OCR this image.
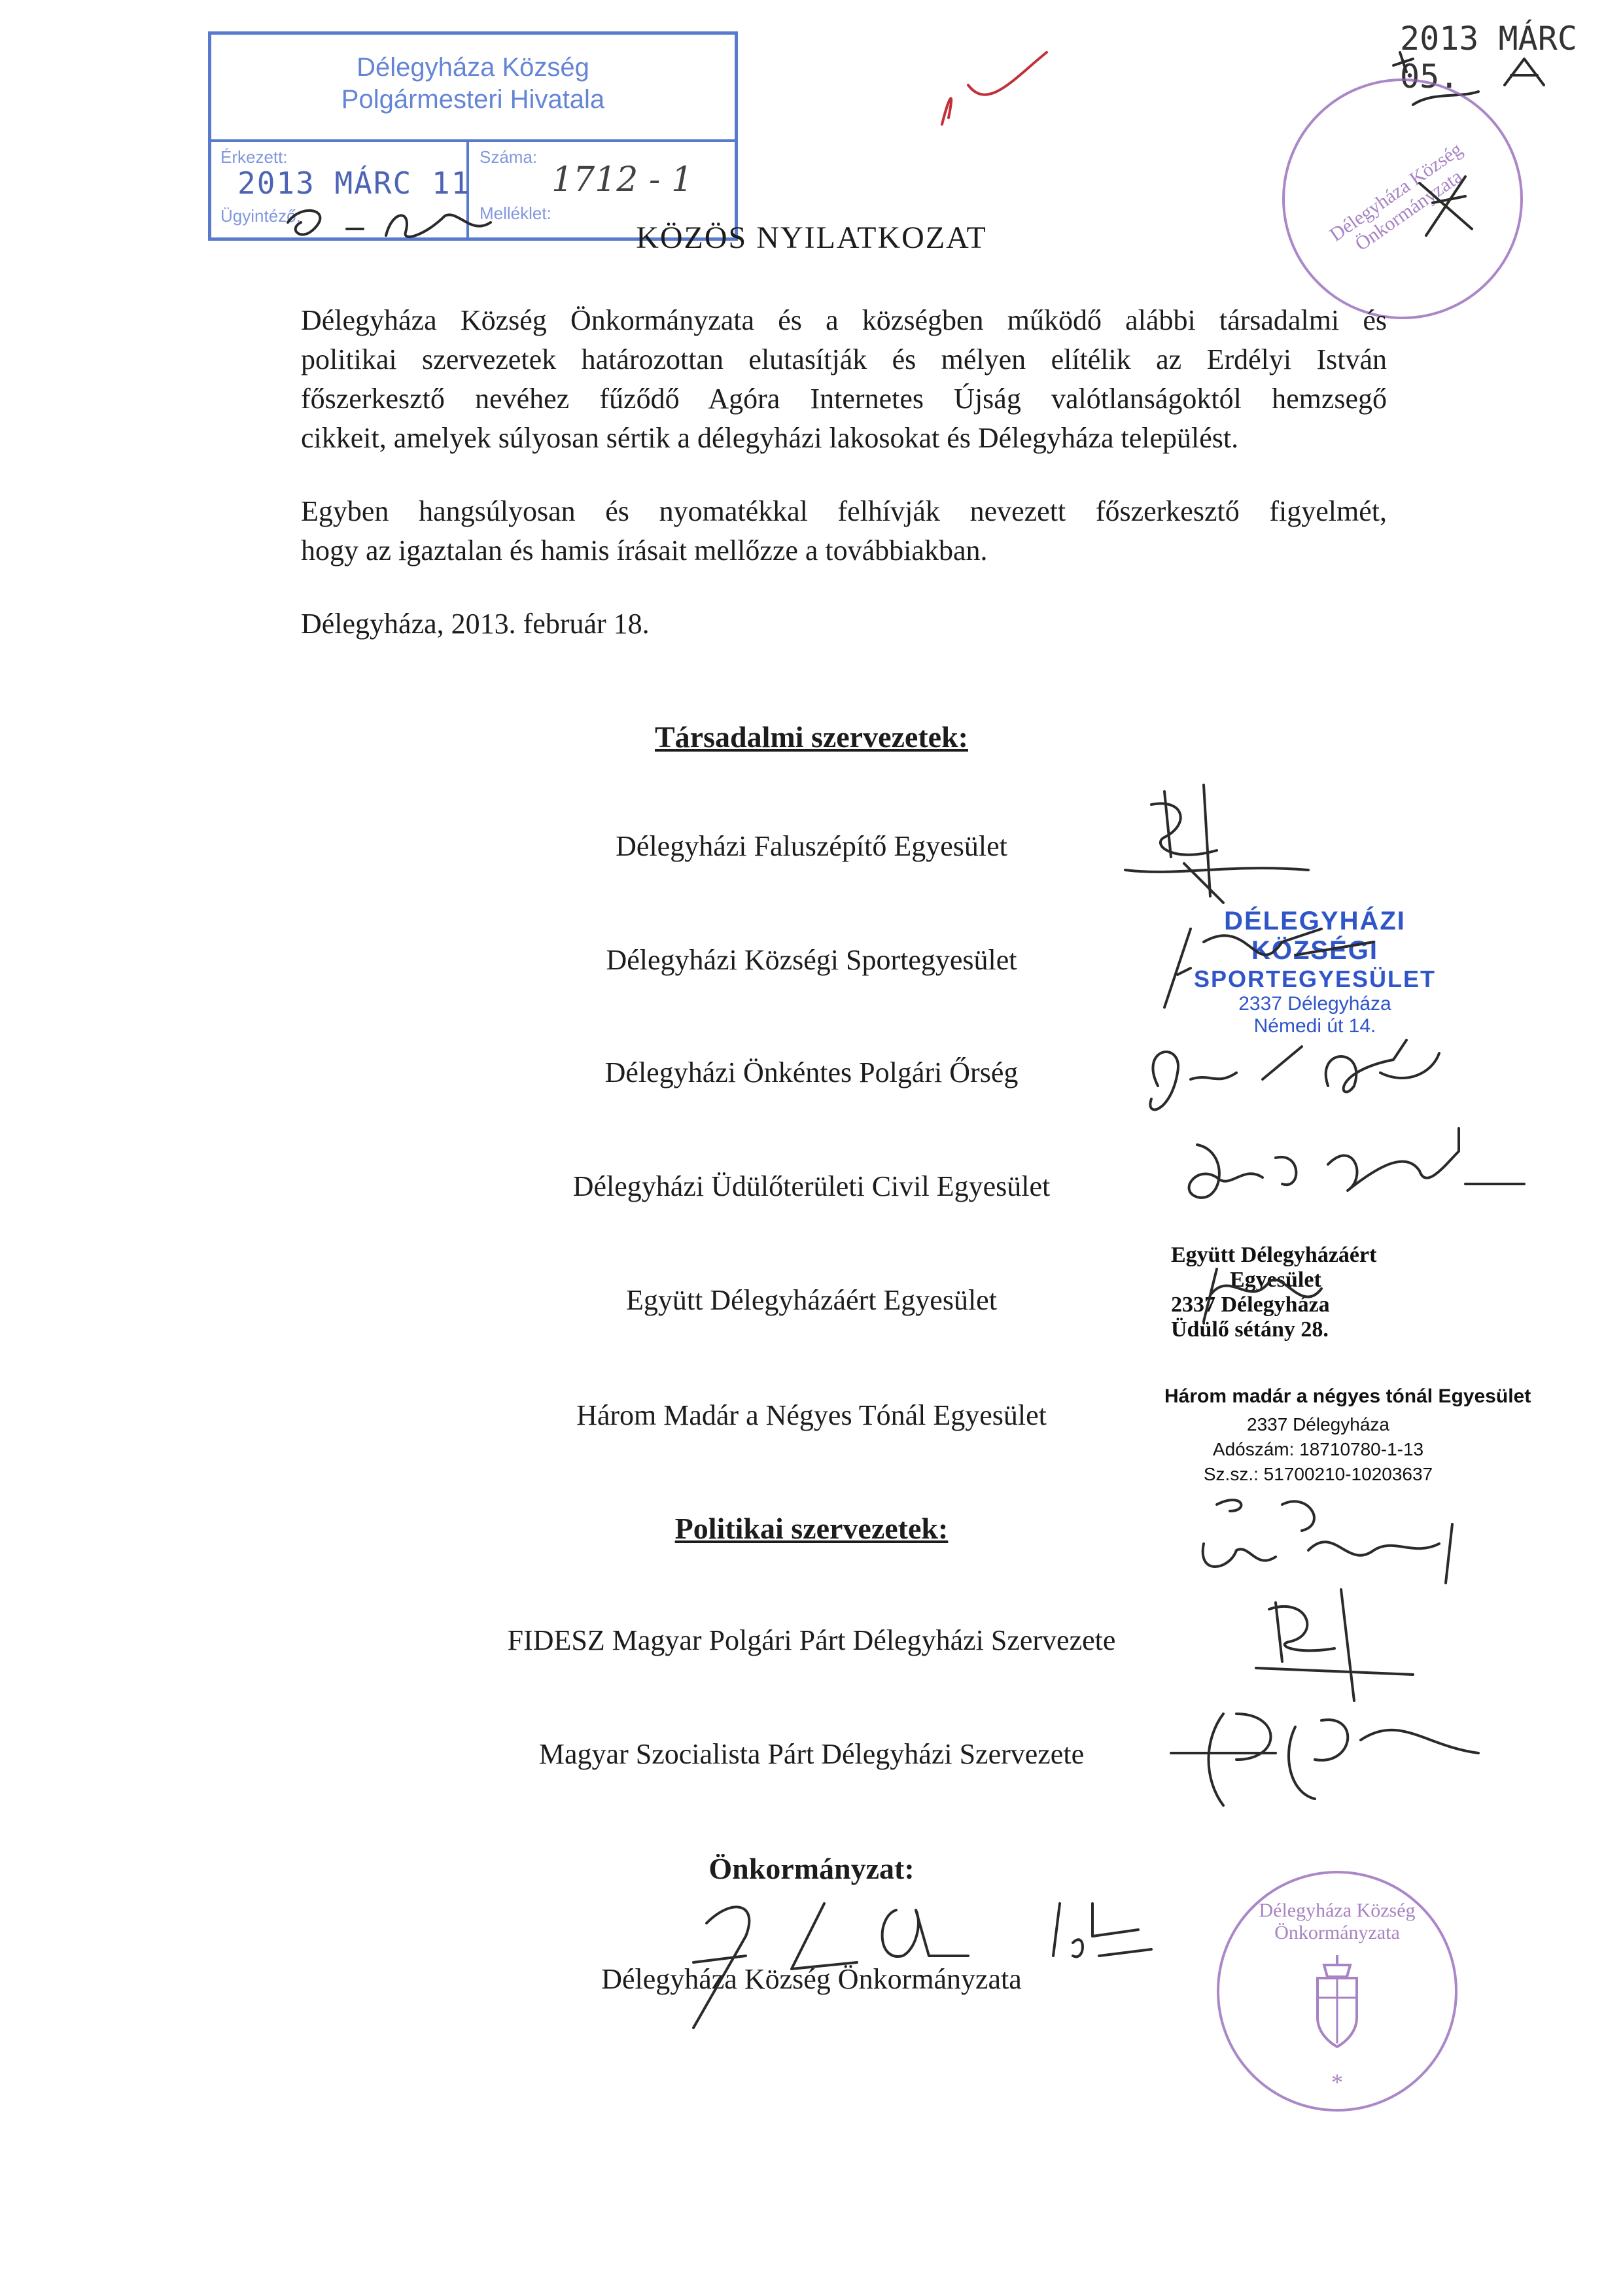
Délegyháza Község
Polgármesteri Hivatala
Érkezett:
Ügyintéző:
Száma:
Melléklet:
2013 MÁRC 11 1712 - 1
2013 MÁRC 05.
Délegyháza Község Önkormányzata
KÖZÖS NYILATKOZAT
Délegyháza Község Önkormányzata és a községben működő alábbi társadalmi és
politikai szervezetek határozottan elutasítják és mélyen elítélik az Erdélyi István
főszerkesztő nevéhez fűződő Agóra Internetes Újság valótlanságoktól hemzsegő
cikkeit, amelyek súlyosan sértik a délegyházi lakosokat és Délegyháza települést.
Egyben hangsúlyosan és nyomatékkal felhívják nevezett főszerkesztő figyelmét,
hogy az igaztalan és hamis írásait mellőzze a továbbiakban.
Délegyháza, 2013. február 18.
Társadalmi szervezetek:
Délegyházi Faluszépítő Egyesület
Délegyházi Községi Sportegyesület
Délegyházi Önkéntes Polgári Őrség
Délegyházi Üdülőterületi Civil Egyesület
Együtt Délegyházáért Egyesület
Három Madár a Négyes Tónál Egyesület
DÉLEGYHÁZI KÖZSÉGI
SPORTEGYESÜLET
2337 Délegyháza
Némedi út 14.
Együtt Délegyházáért
Egyesület
2337 Délegyháza
Üdülő sétány 28.
Három madár a négyes tónál Egyesület
2337 Délegyháza
Adószám: 18710780-1-13
Sz.sz.: 51700210-10203637
Politikai szervezetek:
FIDESZ Magyar Polgári Párt Délegyházi Szervezete
Magyar Szocialista Párt Délegyházi Szervezete
Önkormányzat:
Délegyháza Község Önkormányzata
Délegyháza Község Önkormányzata
*
